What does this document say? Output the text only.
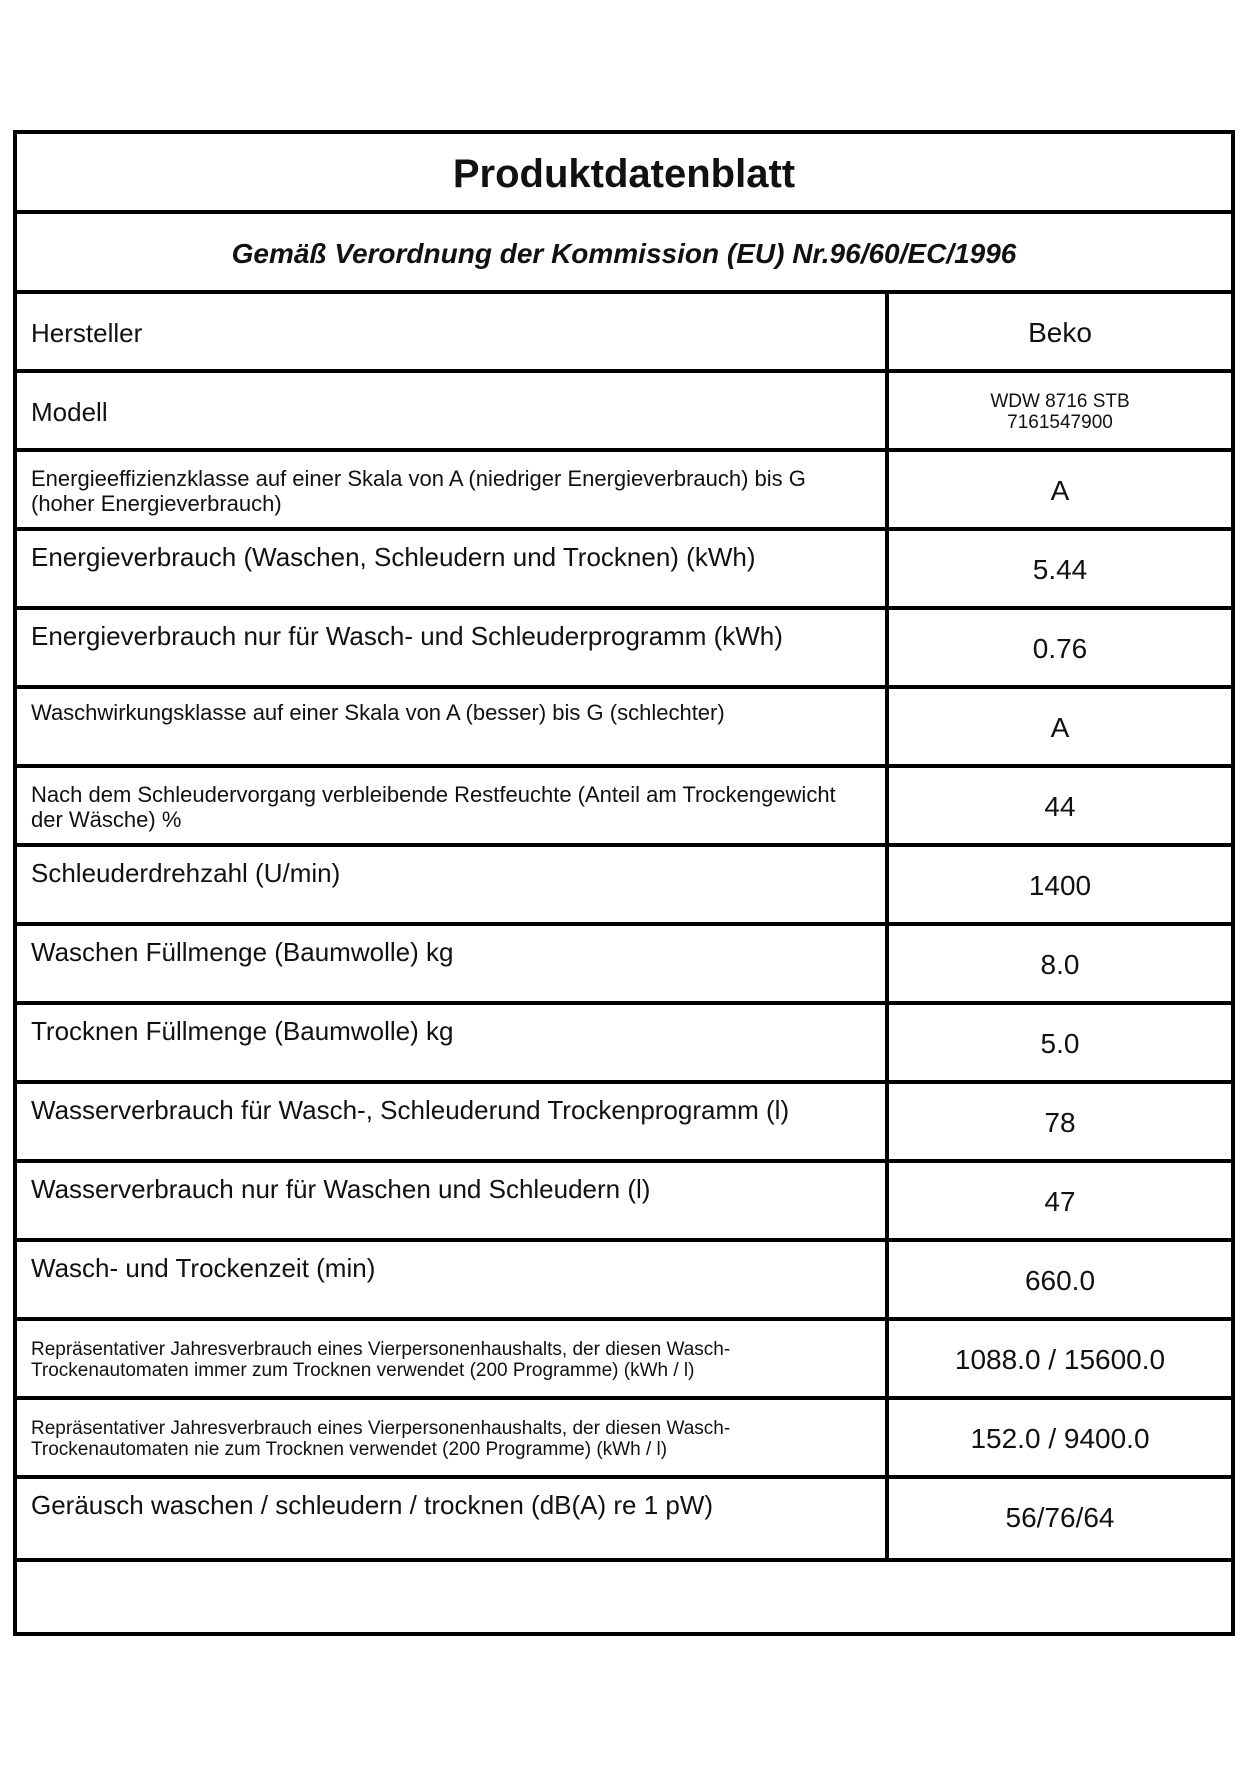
Produktdatenblatt
Gemäß Verordnung der Kommission (EU) Nr.96/60/EC/1996
Hersteller	Beko
Modell	WDW 8716 STB
7161547900
Energieeffizienzklasse auf einer Skala von A (niedriger Energieverbrauch) bis G (hoher Energieverbrauch)	A
Energieverbrauch (Waschen, Schleudern und Trocknen) (kWh)	5.44
Energieverbrauch nur für Wasch- und Schleuderprogramm (kWh)	0.76
Waschwirkungsklasse auf einer Skala von A (besser) bis G (schlechter)	A
Nach dem Schleudervorgang verbleibende Restfeuchte (Anteil am Trockengewicht der Wäsche) %	44
Schleuderdrehzahl (U/min)	1400
Waschen Füllmenge (Baumwolle) kg	8.0
Trocknen Füllmenge (Baumwolle) kg	5.0
Wasserverbrauch für Wasch-, Schleuderund Trockenprogramm (l)	78
Wasserverbrauch nur für Waschen und Schleudern (l)	47
Wasch- und Trockenzeit (min)	660.0
Repräsentativer Jahresverbrauch eines Vierpersonenhaushalts, der diesen Wasch-Trockenautomaten immer zum Trocknen verwendet (200 Programme) (kWh / l)	1088.0 / 15600.0
Repräsentativer Jahresverbrauch eines Vierpersonenhaushalts, der diesen Wasch-Trockenautomaten nie zum Trocknen verwendet (200 Programme) (kWh / l)	152.0 / 9400.0
Geräusch waschen / schleudern / trocknen (dB(A) re 1 pW)	56/76/64
